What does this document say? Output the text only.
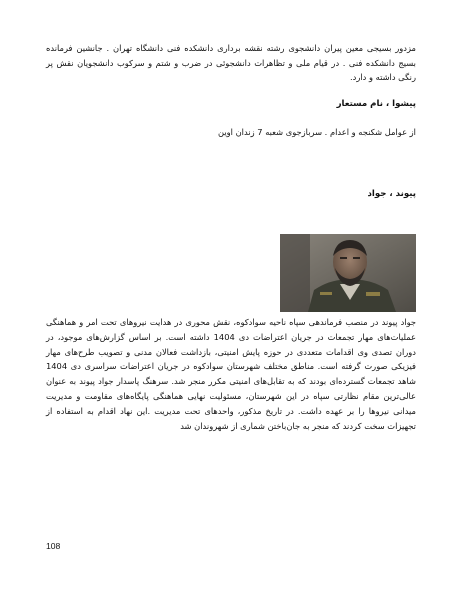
مزدور بسیجی معین پیران دانشجوی رشته نقشه برداری دانشکده فنی دانشگاه تهران . جانشین فرمانده بسیج دانشکده فنی . در قیام ملی و تظاهرات دانشجوئی در ضرب و شتم و سرکوب دانشجویان نقش پر رنگی داشته و دارد.

پیشوا ، نام مستعار
از عوامل شکنجه و اعدام . سربازجوی شعبه 7 زندان اوین
پیوند ، جواد

جواد پیوند در منصب فرماندهی سپاه ناحیه سوادکوه، نقش محوری در هدایت نیروهای تحت امر و هماهنگی عملیات‌های مهار تجمعات در جریان اعتراضات دی 1404 داشته است. بر اساس گزارش‌های موجود، در دوران تصدی وی اقدامات متعددی در حوزه پایش امنیتی، بازداشت فعالان مدنی و تصویب طرح‌های مهار فیزیکی صورت گرفته است. مناطق مختلف شهرستان سوادکوه در جریان اعتراضات سراسری دی 1404 شاهد تجمعات گسترده‌ای بودند که به تقابل‌های امنیتی مکرر منجر شد. سرهنگ پاسدار جواد پیوند به عنوان عالی‌ترین مقام نظارتی سپاه در این شهرستان، مسئولیت نهایی هماهنگی پایگاه‌های مقاومت و مدیریت میدانی نیروها را بر عهده داشت. در تاریخ مذکور، واحدهای تحت مدیریت .این نهاد اقدام به استفاده از تجهیزات سخت کردند که منجر به جان‌باختن شماری از شهروندان شد

108
